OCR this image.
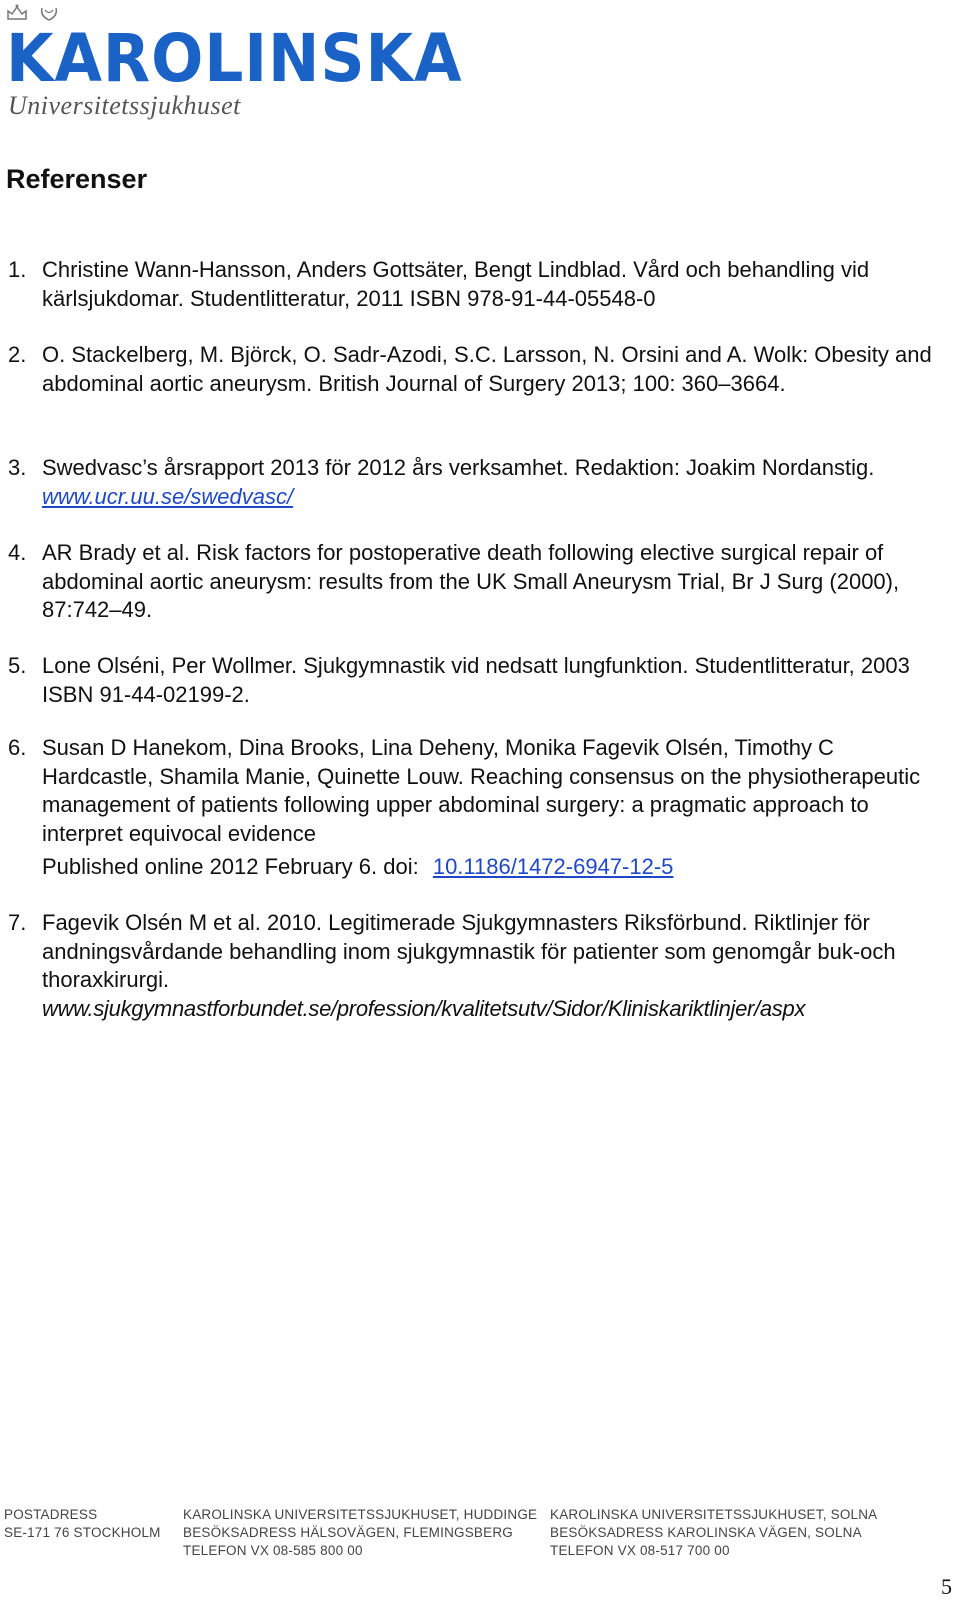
KAROLINSKA
Universitetssjukhuset
Referenser
1. Christine Wann-Hansson, Anders Gottsäter, Bengt Lindblad. Vård och behandling vid kärlsjukdomar. Studentlitteratur, 2011 ISBN 978-91-44-05548-0
2. O. Stackelberg, M. Björck, O. Sadr-Azodi, S.C. Larsson, N. Orsini and A. Wolk: Obesity and abdominal aortic aneurysm. British Journal of Surgery 2013; 100: 360–3664.
3. Swedvasc’s årsrapport 2013 för 2012 års verksamhet. Redaktion: Joakim Nordanstig. www.ucr.uu.se/swedvasc/
4. AR Brady et al. Risk factors for postoperative death following elective surgical repair of abdominal aortic aneurysm: results from the UK Small Aneurysm Trial, Br J Surg (2000), 87:742–49.
5. Lone Olséni, Per Wollmer. Sjukgymnastik vid nedsatt lungfunktion. Studentlitteratur, 2003 ISBN 91-44-02199-2.
6. Susan D Hanekom, Dina Brooks, Lina Deheny, Monika Fagevik Olsén, Timothy C Hardcastle, Shamila Manie, Quinette Louw. Reaching consensus on the physiotherapeutic management of patients following upper abdominal surgery: a pragmatic approach to interpret equivocal evidence
Published online 2012 February 6. doi: 10.1186/1472-6947-12-5
7. Fagevik Olsén M et al. 2010. Legitimerade Sjukgymnasters Riksförbund. Riktlinjer för andningsvårdande behandling inom sjukgymnastik för patienter som genomgår buk-och thoraxkirurgi.
www.sjukgymnastforbundet.se/profession/kvalitetsutv/Sidor/Kliniskariktlinjer/aspx
POSTADRESS
SE-171 76 STOCKHOLM
KAROLINSKA UNIVERSITETSSJUKHUSET, HUDDINGE
BESÖKSADRESS HÄLSOVÄGEN, FLEMINGSBERG
TELEFON VX 08-585 800 00
KAROLINSKA UNIVERSITETSSJUKHUSET, SOLNA
BESÖKSADRESS KAROLINSKA VÄGEN, SOLNA
TELEFON VX 08-517 700 00
5
